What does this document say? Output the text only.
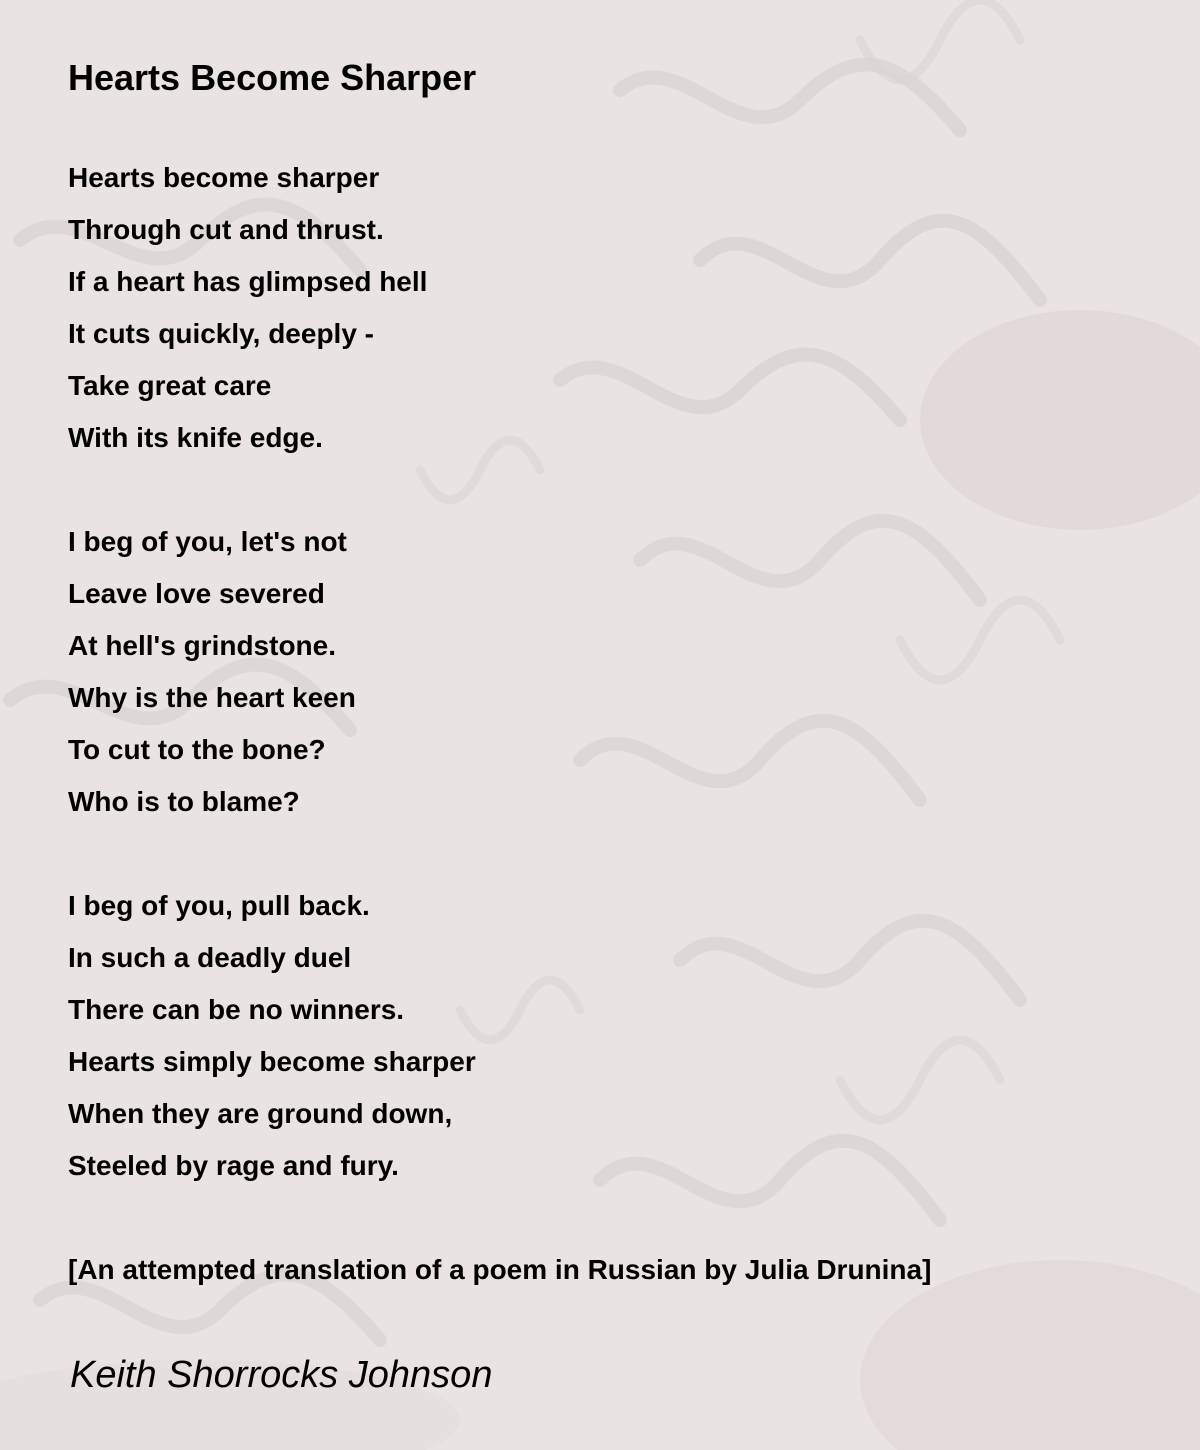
Hearts Become Sharper
Hearts become sharper
Through cut and thrust.
If a heart has glimpsed hell
It cuts quickly, deeply -
Take great care
With its knife edge.
I beg of you, let's not
Leave love severed
At hell's grindstone.
Why is the heart keen
To cut to the bone?
Who is to blame?
I beg of you, pull back.
In such a deadly duel
There can be no winners.
Hearts simply become sharper
When they are ground down,
Steeled by rage and fury.
[An attempted translation of a poem in Russian by Julia Drunina]
Keith Shorrocks Johnson
